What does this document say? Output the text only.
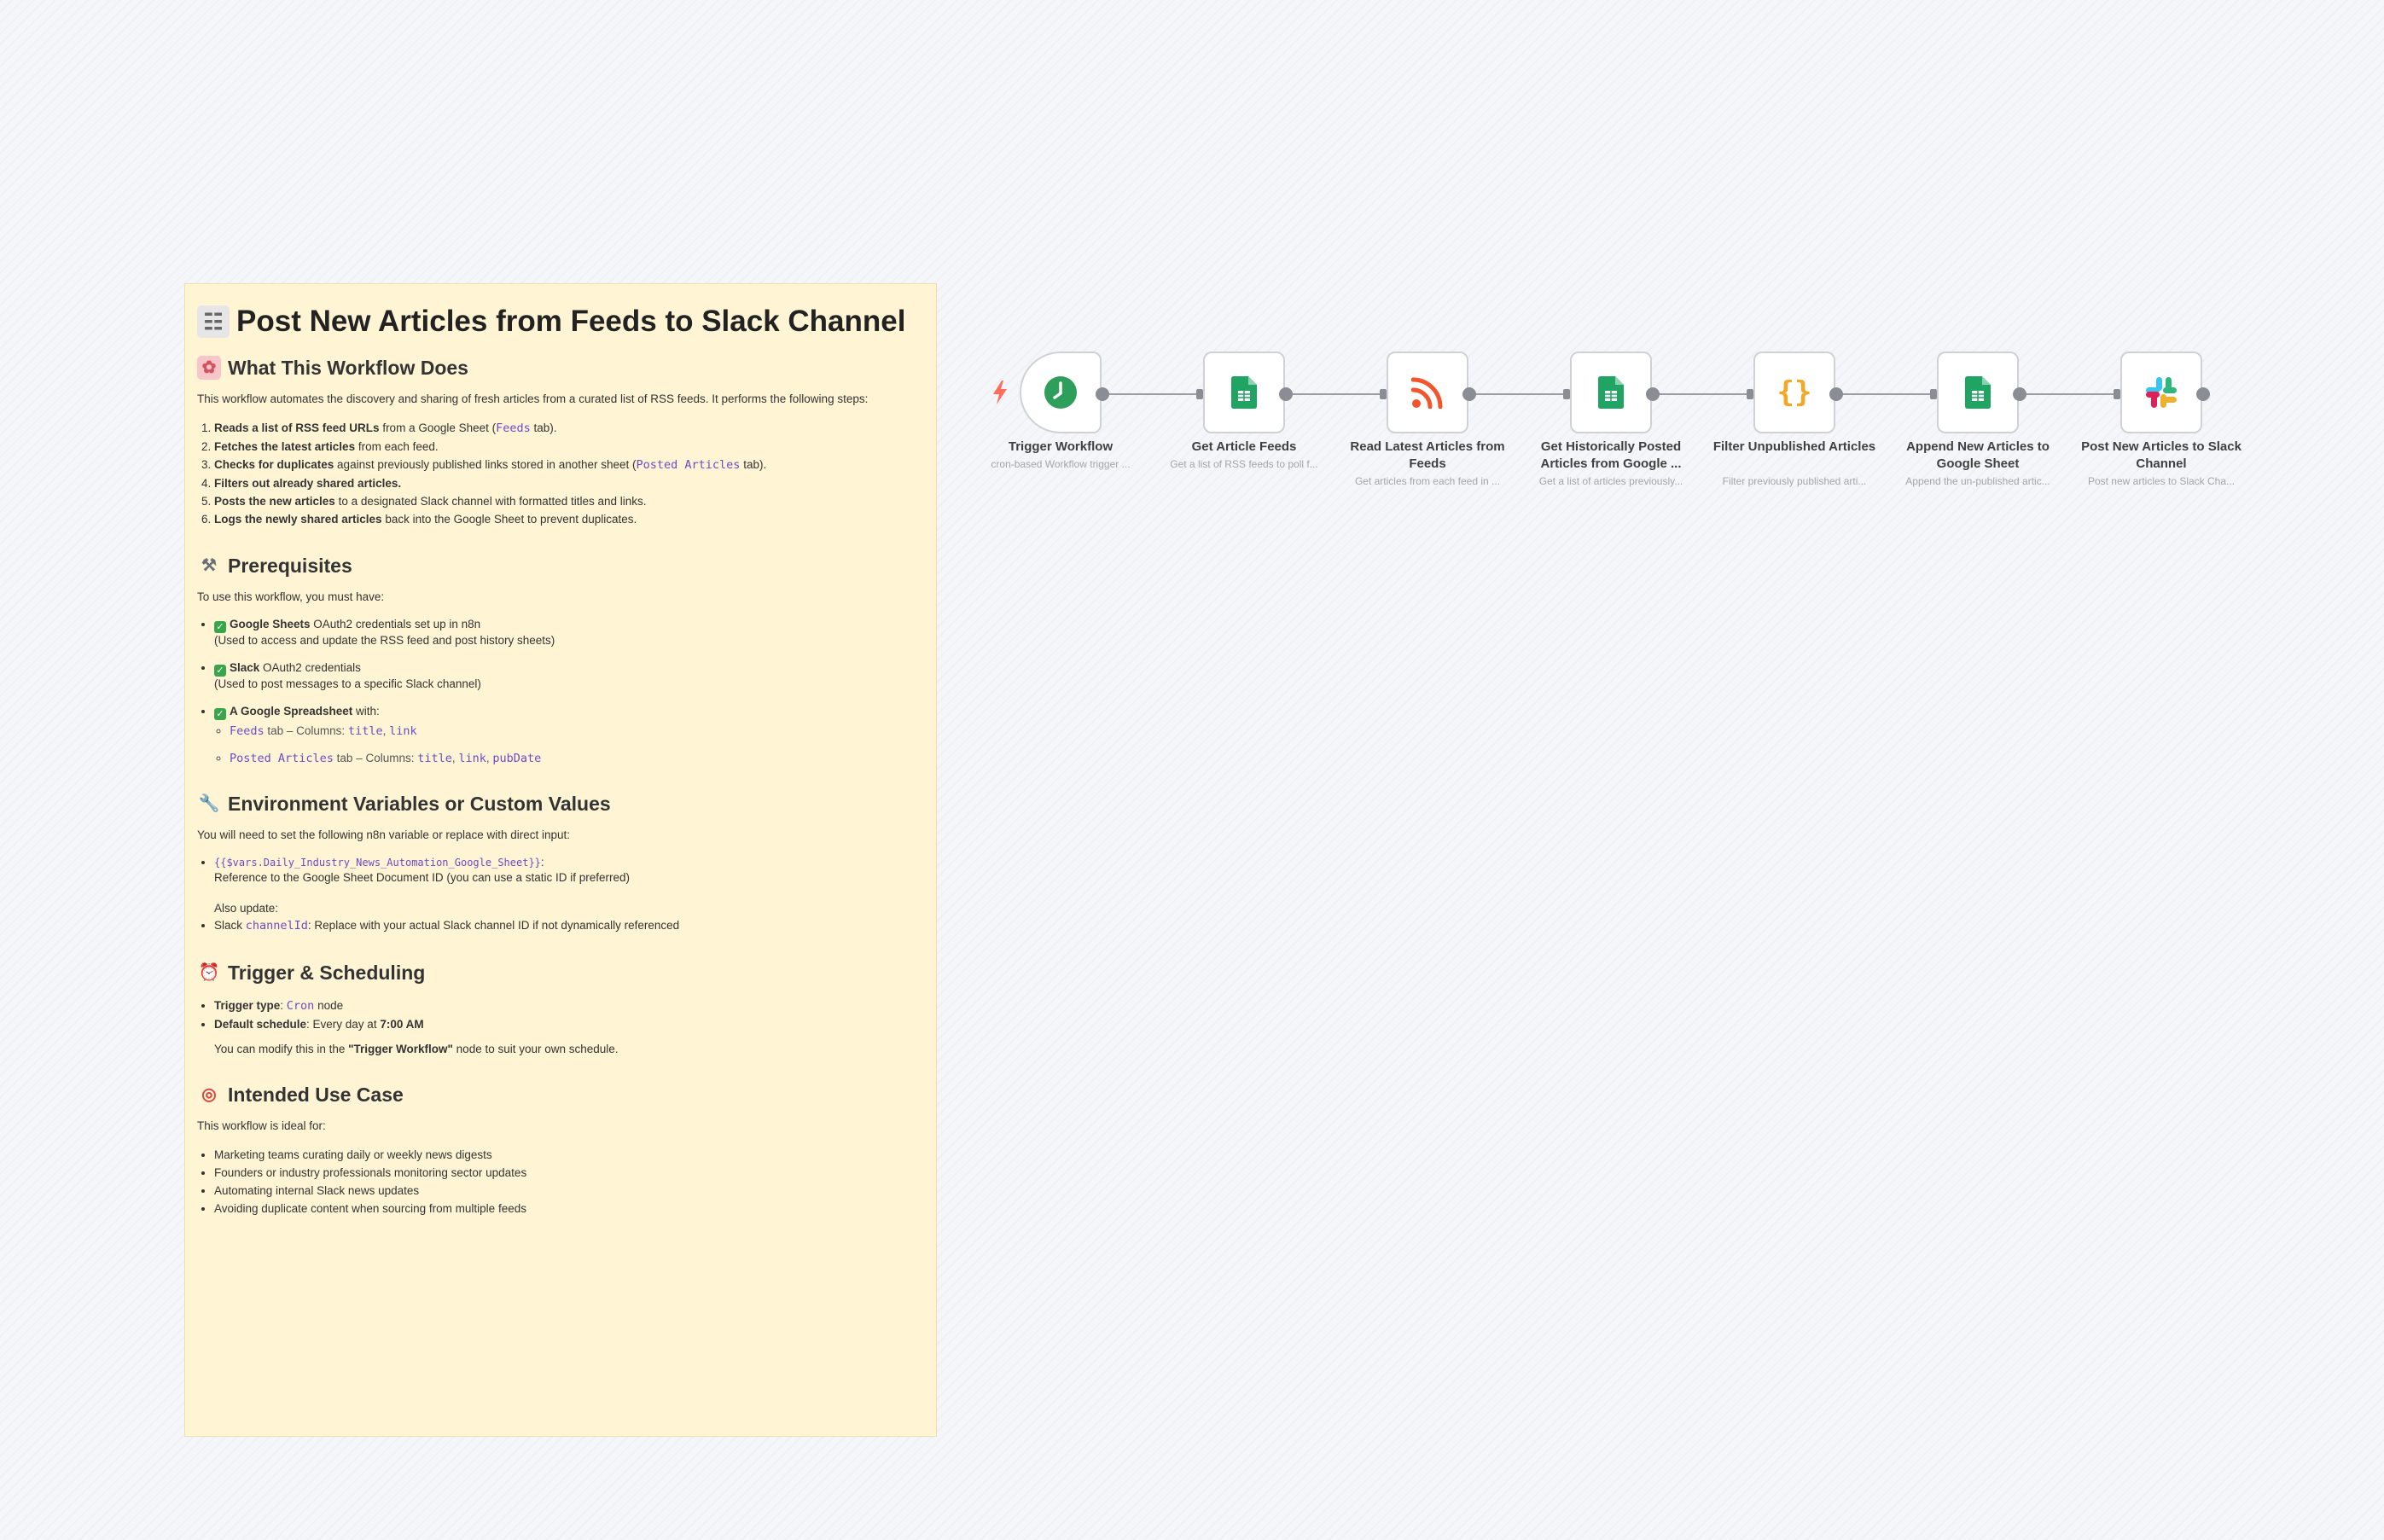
☷ Post New Articles from Feeds to Slack Channel
✿ What This Workflow Does

This workflow automates the discovery and sharing of fresh articles from a curated list of RSS feeds. It performs the following steps:

1. Reads a list of RSS feed URLs from a Google Sheet (Feeds tab).
2. Fetches the latest articles from each feed.
3. Checks for duplicates against previously published links stored in another sheet (Posted Articles tab).
4. Filters out already shared articles.
5. Posts the new articles to a designated Slack channel with formatted titles and links.
6. Logs the newly shared articles back into the Google Sheet to prevent duplicates.
⚒ Prerequisites

To use this workflow, you must have:

• ✓ Google Sheets OAuth2 credentials set up in n8n
(Used to access and update the RSS feed and post history sheets)
• ✓ Slack OAuth2 credentials
(Used to post messages to a specific Slack channel)
• ✓ A Google Spreadsheet with:
◦ Feeds tab – Columns: title, link
◦ Posted Articles tab – Columns: title, link, pubDate
🔧 Environment Variables or Custom Values

You will need to set the following n8n variable or replace with direct input:

• {{$vars.Daily_Industry_News_Automation_Google_Sheet}}:
Reference to the Google Sheet Document ID (you can use a static ID if preferred)

Also update:
• Slack channelId: Replace with your actual Slack channel ID if not dynamically referenced
⏰ Trigger & Scheduling
• Trigger type: Cron node
• Default schedule: Every day at 7:00 AM

You can modify this in the "Trigger Workflow" node to suit your own schedule.

◎ Intended Use Case

This workflow is ideal for:

• Marketing teams curating daily or weekly news digests
• Founders or industry professionals monitoring sector updates
• Automating internal Slack news updates
• Avoiding duplicate content when sourcing from multiple feeds
Trigger Workflow
cron-based Workflow trigger ...
Get Article Feeds
Get a list of RSS feeds to poll f...
Read Latest Articles from Feeds
Get articles from each feed in ...
Get Historically Posted Articles from Google ...
Get a list of articles previously...
{}
Filter Unpublished Articles
Filter previously published arti...
Append New Articles to Google Sheet
Append the un-published artic...
Post New Articles to Slack Channel
Post new articles to Slack Cha...
